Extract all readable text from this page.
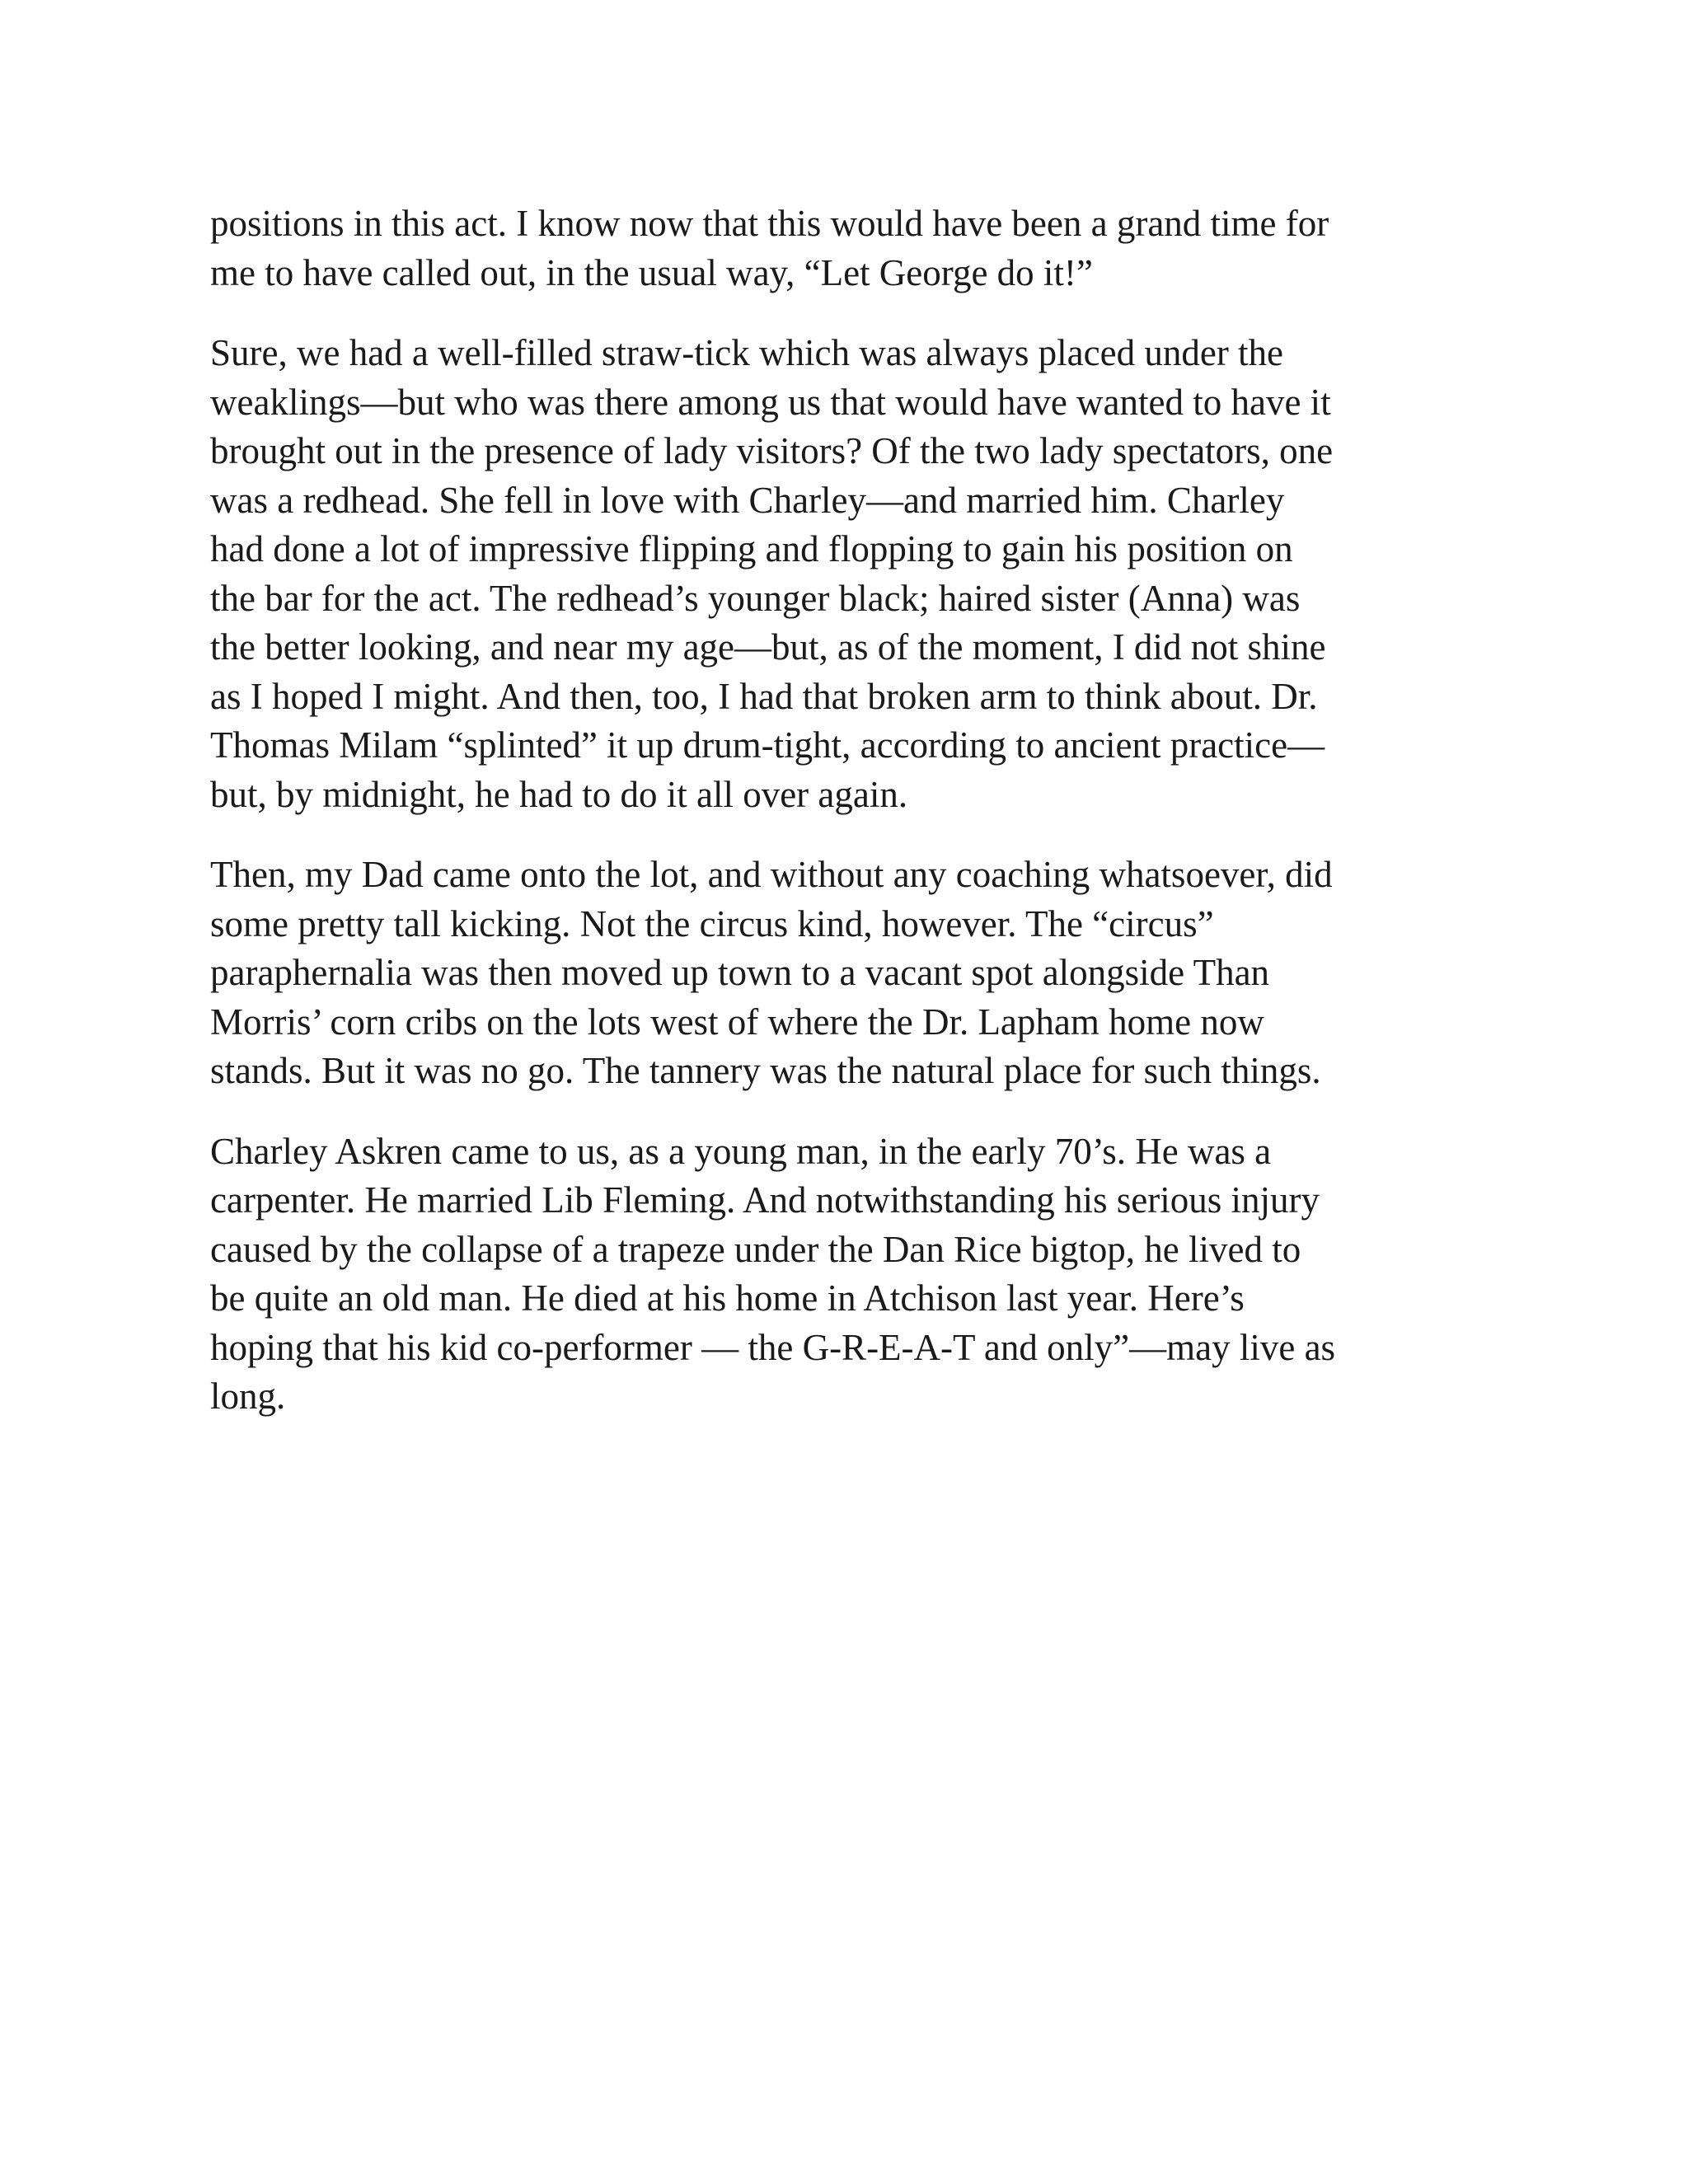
positions in this act. I know now that this would have been a grand time for
me to have called out, in the usual way, “Let George do it!”

Sure, we had a well-filled straw-tick which was always placed under the
weaklings—but who was there among us that would have wanted to have it
brought out in the presence of lady visitors? Of the two lady spectators, one
was a redhead. She fell in love with Charley—and married him. Charley
had done a lot of impressive flipping and flopping to gain his position on
the bar for the act. The redhead’s younger black; haired sister (Anna) was
the better looking, and near my age—but, as of the moment, I did not shine
as I hoped I might. And then, too, I had that broken arm to think about. Dr.
Thomas Milam “splinted” it up drum-tight, according to ancient practice—
but, by midnight, he had to do it all over again.

Then, my Dad came onto the lot, and without any coaching whatsoever, did
some pretty tall kicking. Not the circus kind, however. The “circus”
paraphernalia was then moved up town to a vacant spot alongside Than
Morris’ corn cribs on the lots west of where the Dr. Lapham home now
stands. But it was no go. The tannery was the natural place for such things.

Charley Askren came to us, as a young man, in the early 70’s. He was a
carpenter. He married Lib Fleming. And notwithstanding his serious injury
caused by the collapse of a trapeze under the Dan Rice bigtop, he lived to
be quite an old man. He died at his home in Atchison last year. Here’s
hoping that his kid co-performer — the G-R-E-A-T and only”—may live as
long.
